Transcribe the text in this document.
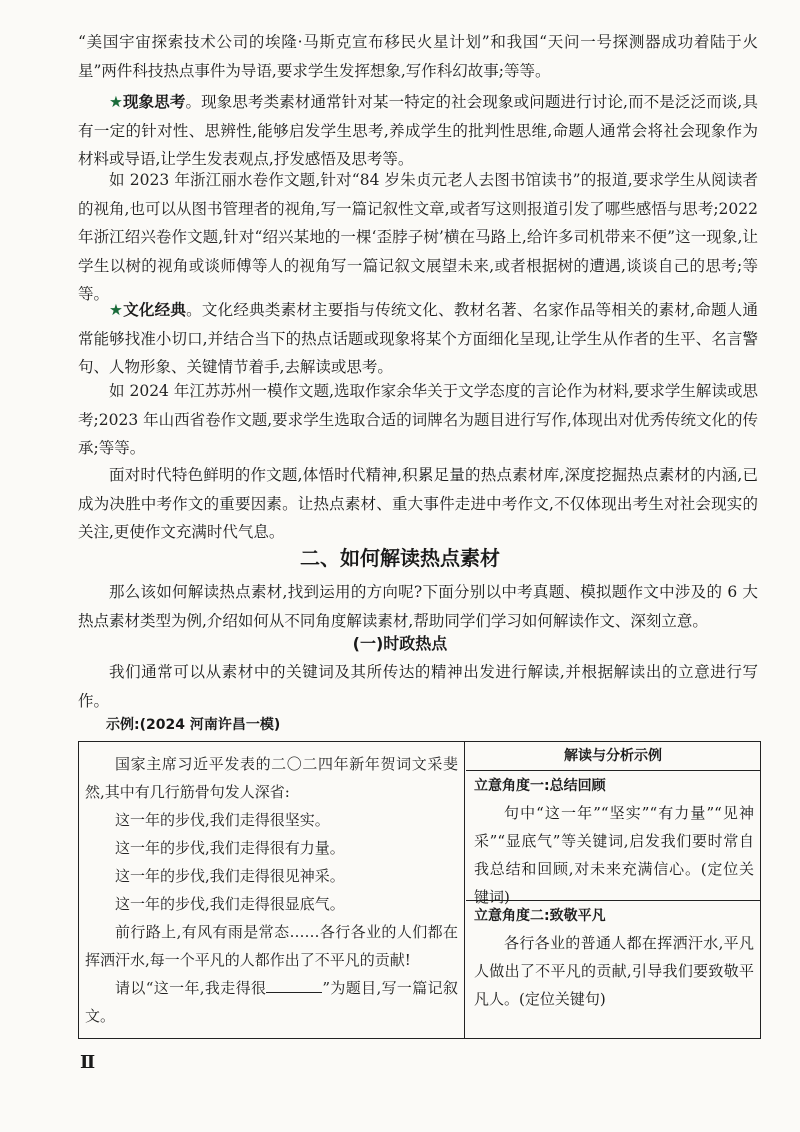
“美国宇宙探索技术公司的埃隆·马斯克宣布移民火星计划”和我国“天问一号探测器成功着陆于火星”两件科技热点事件为导语,要求学生发挥想象,写作科幻故事;等等。

★现象思考。现象思考类素材通常针对某一特定的社会现象或问题进行讨论,而不是泛泛而谈,具有一定的针对性、思辨性,能够启发学生思考,养成学生的批判性思维,命题人通常会将社会现象作为材料或导语,让学生发表观点,抒发感悟及思考等。

如 2023 年浙江丽水卷作文题,针对“84 岁朱贞元老人去图书馆读书”的报道,要求学生从阅读者的视角,也可以从图书管理者的视角,写一篇记叙性文章,或者写这则报道引发了哪些感悟与思考;2022 年浙江绍兴卷作文题,针对“绍兴某地的一棵‘歪脖子树’横在马路上,给许多司机带来不便”这一现象,让学生以树的视角或谈师傅等人的视角写一篇记叙文展望未来,或者根据树的遭遇,谈谈自己的思考;等等。

★文化经典。文化经典类素材主要指与传统文化、教材名著、名家作品等相关的素材,命题人通常能够找准小切口,并结合当下的热点话题或现象将某个方面细化呈现,让学生从作者的生平、名言警句、人物形象、关键情节着手,去解读或思考。

如 2024 年江苏苏州一模作文题,选取作家余华关于文学态度的言论作为材料,要求学生解读或思考;2023 年山西省卷作文题,要求学生选取合适的词牌名为题目进行写作,体现出对优秀传统文化的传承;等等。

面对时代特色鲜明的作文题,体悟时代精神,积累足量的热点素材库,深度挖掘热点素材的内涵,已成为决胜中考作文的重要因素。让热点素材、重大事件走进中考作文,不仅体现出考生对社会现实的关注,更使作文充满时代气息。

二、如何解读热点素材

那么该如何解读热点素材,找到运用的方向呢?下面分别以中考真题、模拟题作文中涉及的 6 大热点素材类型为例,介绍如何从不同角度解读素材,帮助同学们学习如何解读作文、深刻立意。

(一)时政热点

我们通常可以从素材中的关键词及其所传达的精神出发进行解读,并根据解读出的立意进行写作。

示例:(2024 河南许昌一模)

国家主席习近平发表的二〇二四年新年贺词文采斐然,其中有几行筋骨句发人深省:

这一年的步伐,我们走得很坚实。

这一年的步伐,我们走得很有力量。

这一年的步伐,我们走得很见神采。

这一年的步伐,我们走得很显底气。

前行路上,有风有雨是常态……各行各业的人们都在挥洒汗水,每一个平凡的人都作出了不平凡的贡献!

请以“这一年,我走得很	”为题目,写一篇记叙文。

解读与分析示例
立意角度一:总结回顾

句中“这一年”“坚实”“有力量”“见神采”“显底气”等关键词,启发我们要时常自我总结和回顾,对未来充满信心。(定位关键词)

立意角度二:致敬平凡

各行各业的普通人都在挥洒汗水,平凡人做出了不平凡的贡献,引导我们要致敬平凡人。(定位关键句)

Ⅱ
